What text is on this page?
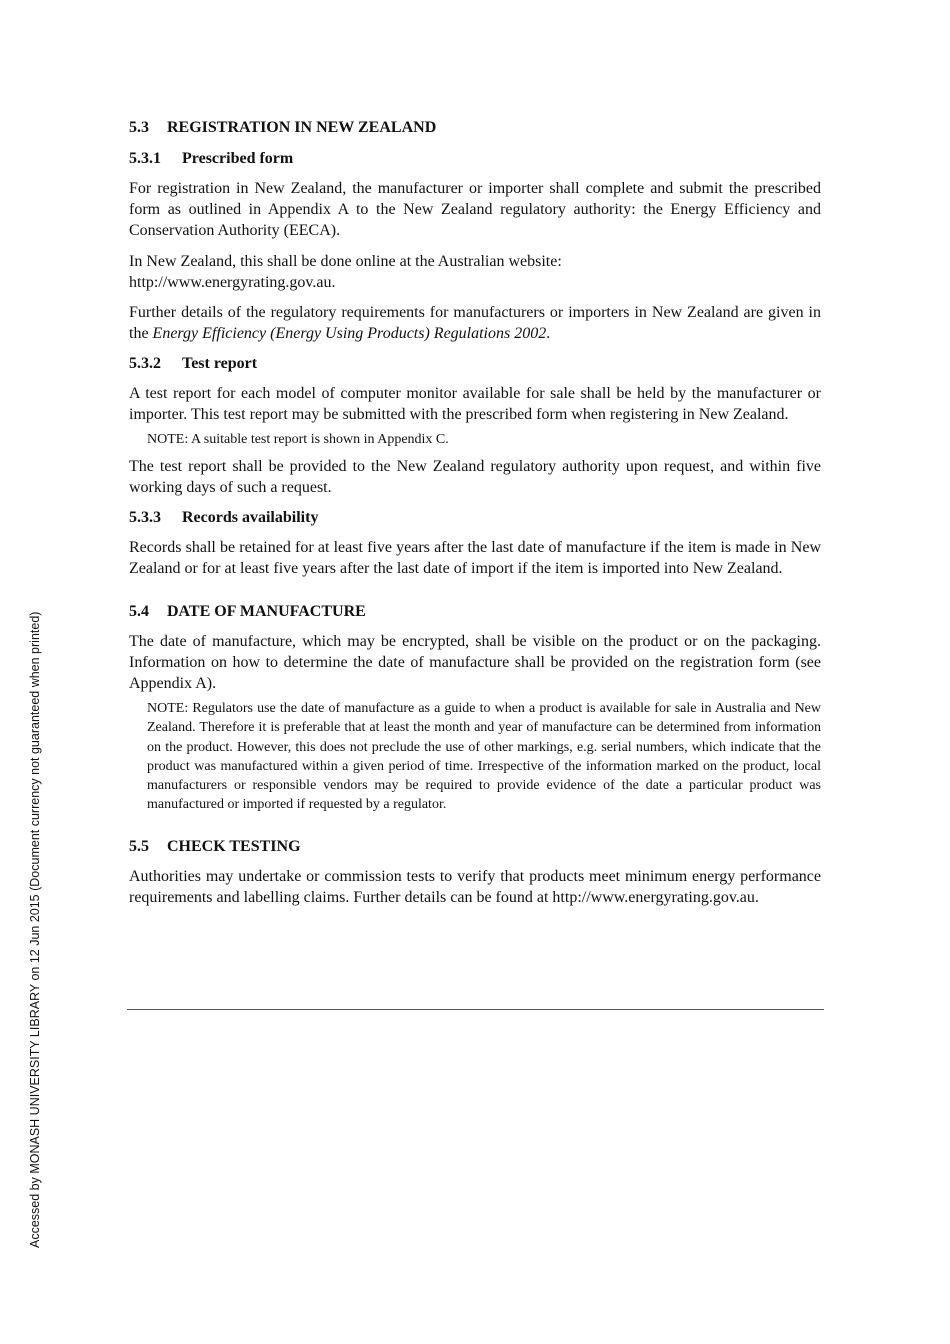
Accessed by MONASH UNIVERSITY LIBRARY on 12 Jun 2015 (Document currency not guaranteed when printed)
5.3 REGISTRATION IN NEW ZEALAND
5.3.1 Prescribed form

For registration in New Zealand, the manufacturer or importer shall complete and submit the prescribed form as outlined in Appendix A to the New Zealand regulatory authority: the Energy Efficiency and Conservation Authority (EECA).

In New Zealand, this shall be done online at the Australian website:
http://www.energyrating.gov.au.

Further details of the regulatory requirements for manufacturers or importers in New Zealand are given in the Energy Efficiency (Energy Using Products) Regulations 2002.

5.3.2 Test report

A test report for each model of computer monitor available for sale shall be held by the manufacturer or importer. This test report may be submitted with the prescribed form when registering in New Zealand.

NOTE: A suitable test report is shown in Appendix C.

The test report shall be provided to the New Zealand regulatory authority upon request, and within five working days of such a request.

5.3.3 Records availability

Records shall be retained for at least five years after the last date of manufacture if the item is made in New Zealand or for at least five years after the last date of import if the item is imported into New Zealand.

5.4 DATE OF MANUFACTURE

The date of manufacture, which may be encrypted, shall be visible on the product or on the packaging. Information on how to determine the date of manufacture shall be provided on the registration form (see Appendix A).

NOTE: Regulators use the date of manufacture as a guide to when a product is available for sale in Australia and New Zealand. Therefore it is preferable that at least the month and year of manufacture can be determined from information on the product. However, this does not preclude the use of other markings, e.g. serial numbers, which indicate that the product was manufactured within a given period of time. Irrespective of the information marked on the product, local manufacturers or responsible vendors may be required to provide evidence of the date a particular product was manufactured or imported if requested by a regulator.

5.5 CHECK TESTING

Authorities may undertake or commission tests to verify that products meet minimum energy performance requirements and labelling claims. Further details can be found at http://www.energyrating.gov.au.
